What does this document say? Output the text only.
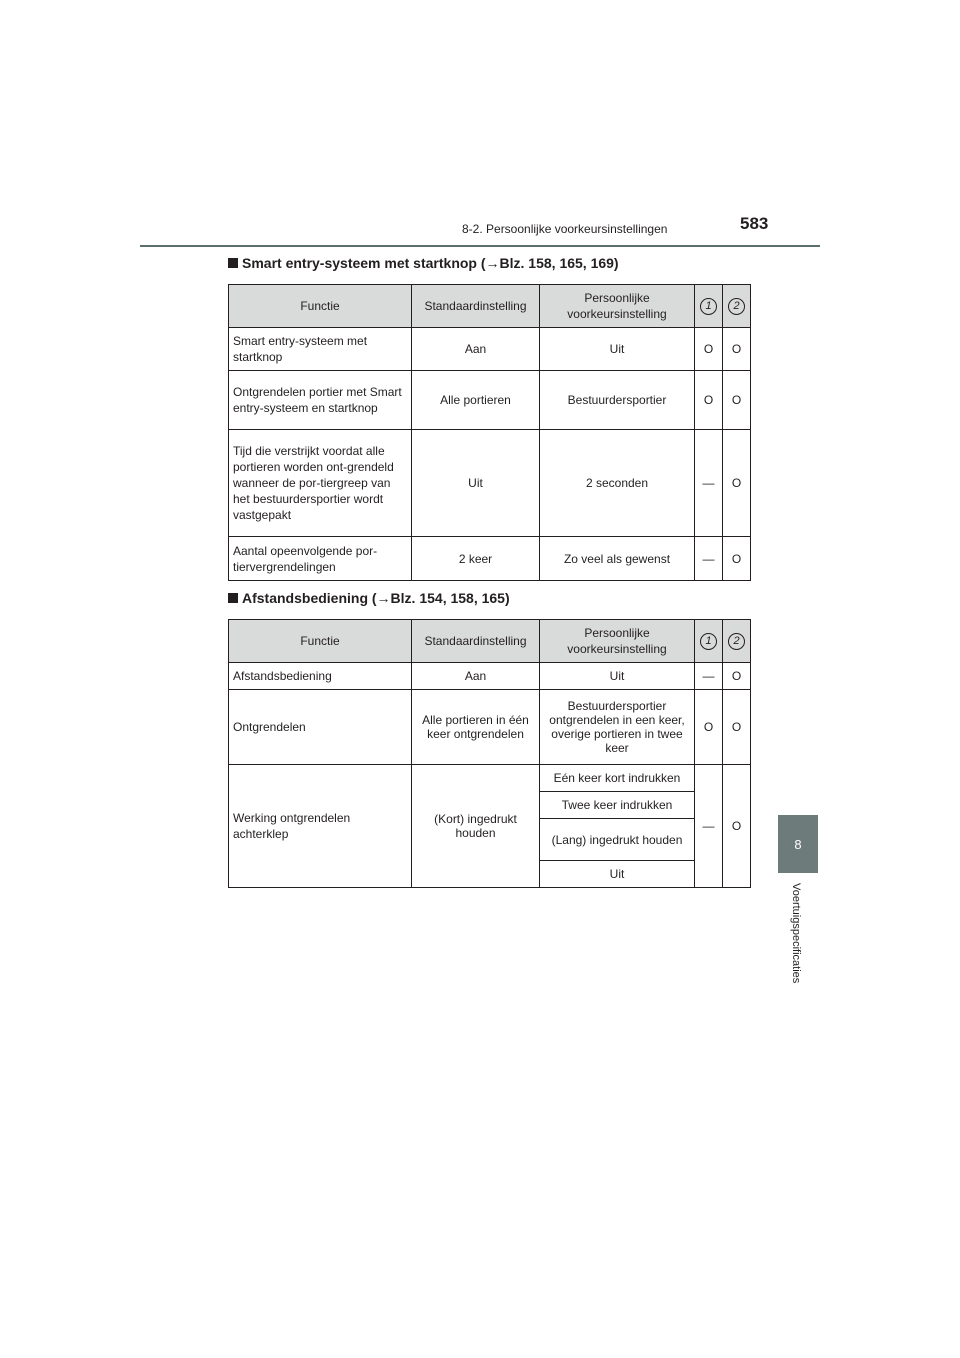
8-2. Persoonlijke voorkeursinstellingen	583
8
Voertuigspecificaties
Smart entry-systeem met startknop (→Blz. 158, 165, 169)
Functie	Standaardinstelling	Persoonlijke voorkeursinstelling	1	2
Smart entry-systeem met startknop	Aan	Uit	O	O
Ontgrendelen portier met Smart entry-systeem en startknop	Alle portieren	Bestuurdersportier	O	O
Tijd die verstrijkt voordat alle portieren worden ont-grendeld wanneer de por-tiergreep van het bestuurdersportier wordt vastgepakt	Uit	2 seconden	—	O
Aantal opeenvolgende por-tiervergrendelingen	2 keer	Zo veel als gewenst	—	O
Afstandsbediening (→Blz. 154, 158, 165)
Functie	Standaardinstelling	Persoonlijke voorkeursinstelling	1	2
Afstandsbediening	Aan	Uit	—	O
Ontgrendelen	Alle portieren in één keer ontgrendelen	Bestuurdersportier ontgrendelen in een keer, overige portieren in twee keer	O	O
Werking ontgrendelen achterklep	(Kort) ingedrukt houden	Eén keer kort indrukken	—	O
		Twee keer indrukken		
		(Lang) ingedrukt houden		
		Uit		
